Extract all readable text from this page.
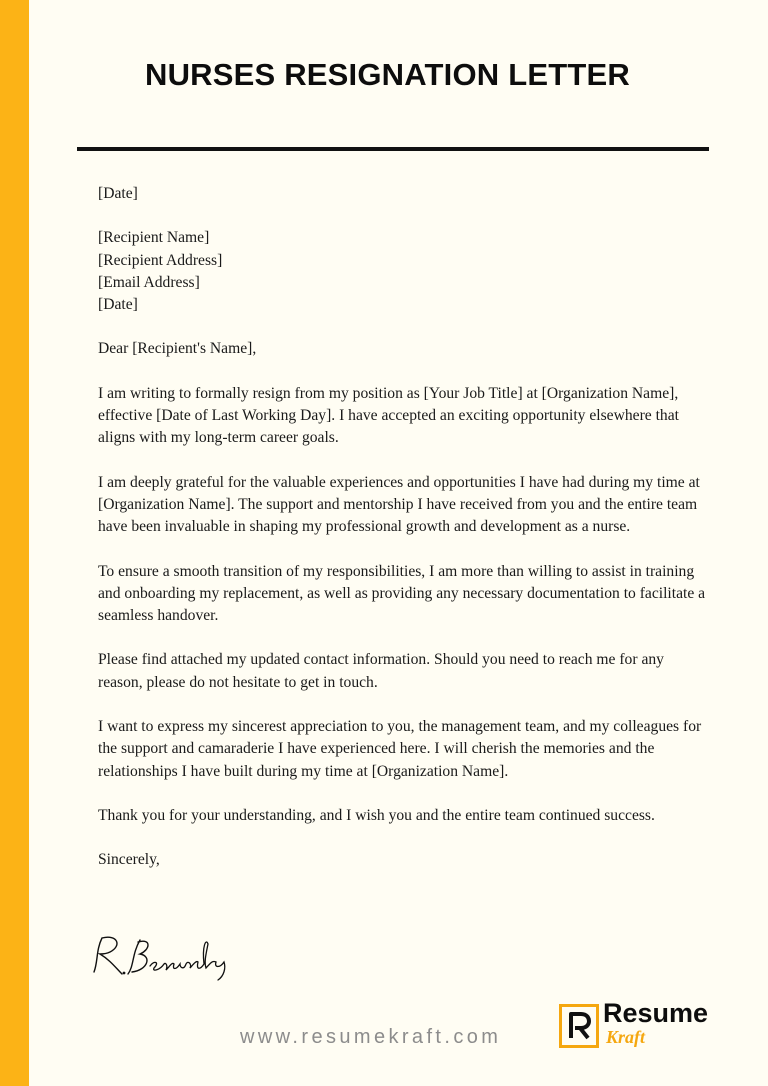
NURSES RESIGNATION LETTER

[Date]

[Recipient Name]

[Recipient Address]

[Email Address]

[Date]

Dear [Recipient's Name],

I am writing to formally resign from my position as [Your Job Title] at [Organization Name], effective [Date of Last Working Day]. I have accepted an exciting opportunity elsewhere that aligns with my long-term career goals.

I am deeply grateful for the valuable experiences and opportunities I have had during my time at [Organization Name]. The support and mentorship I have received from you and the entire team have been invaluable in shaping my professional growth and development as a nurse.

To ensure a smooth transition of my responsibilities, I am more than willing to assist in training and onboarding my replacement, as well as providing any necessary documentation to facilitate a seamless handover.

Please find attached my updated contact information. Should you need to reach me for any reason, please do not hesitate to get in touch.

I want to express my sincerest appreciation to you, the management team, and my colleagues for the support and camaraderie I have experienced here. I will cherish the memories and the relationships I have built during my time at [Organization Name].

Thank you for your understanding, and I wish you and the entire team continued success.

Sincerely,

www.resumekraft.com
Resume
Kraft
